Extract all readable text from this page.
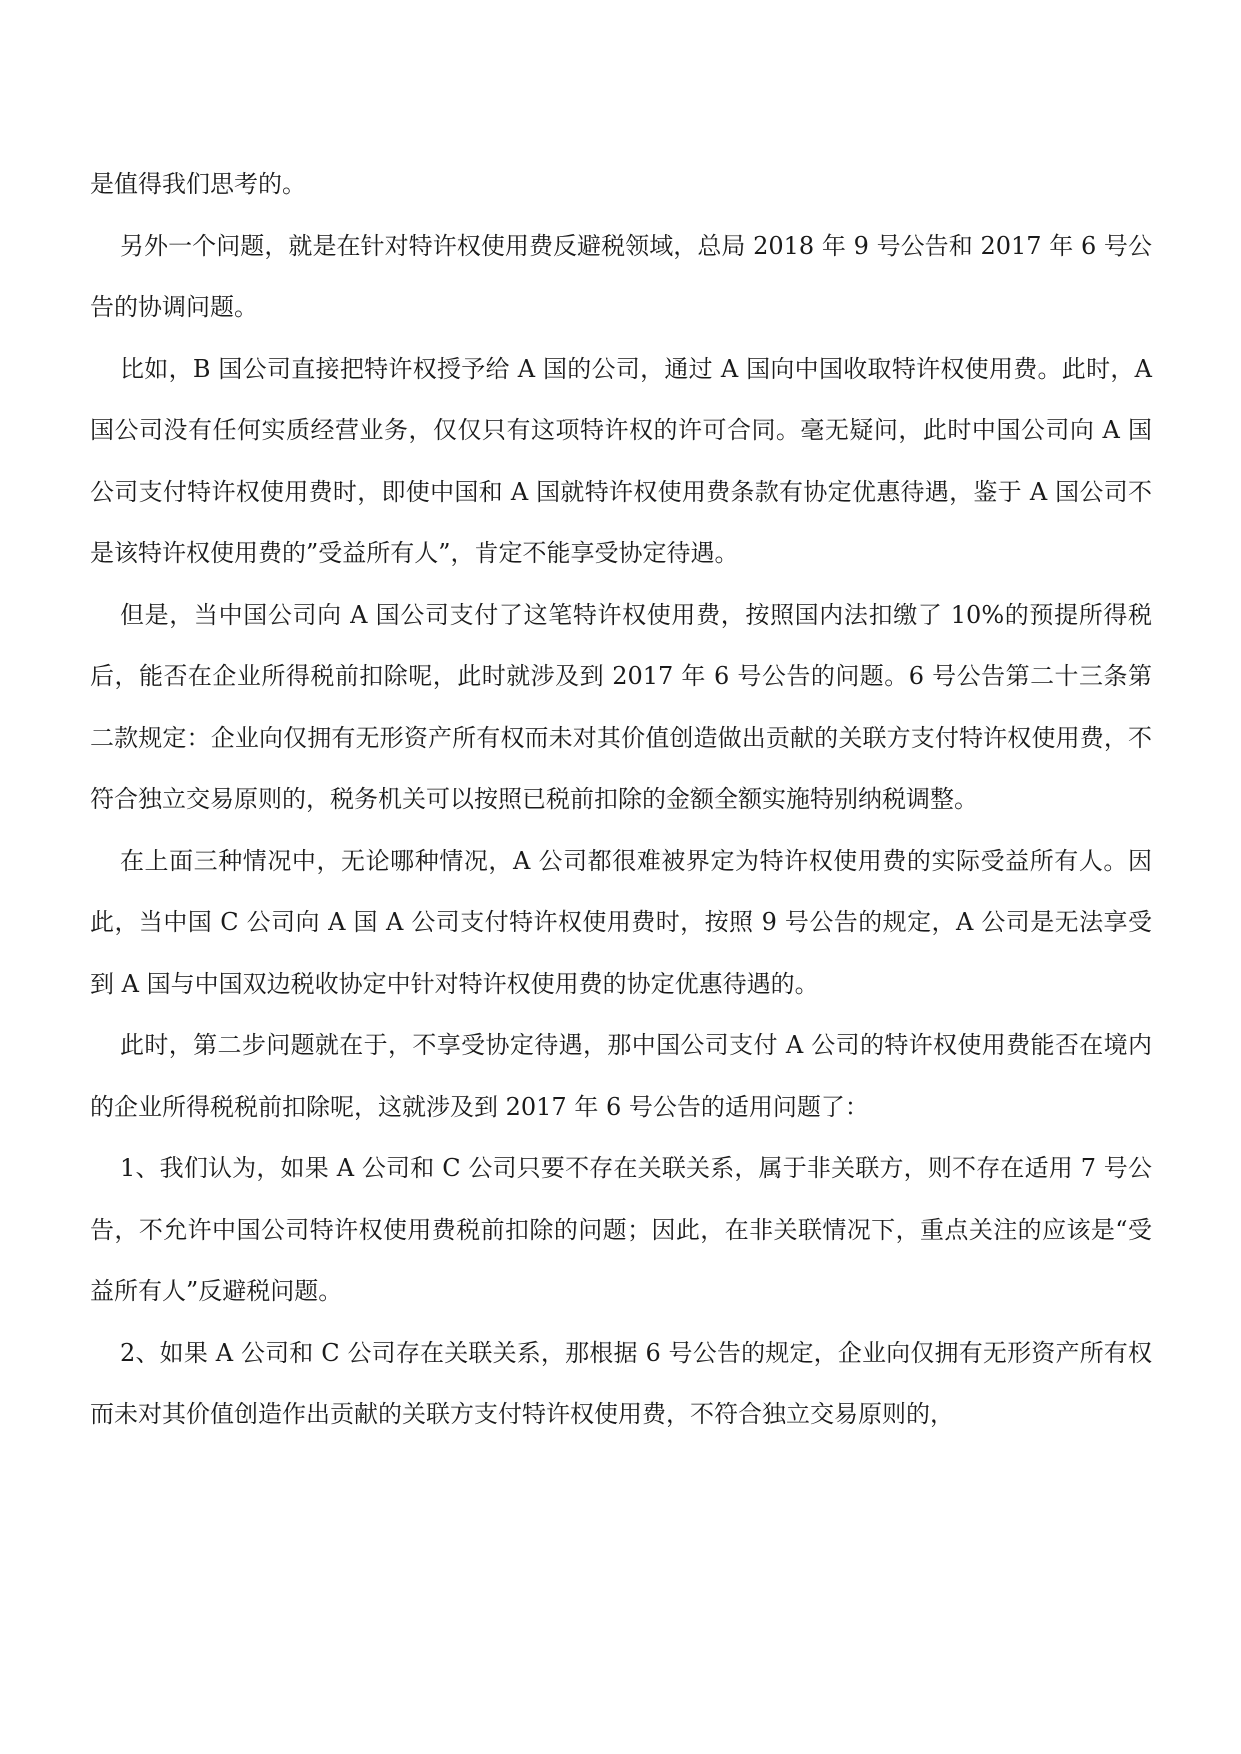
是值得我们思考的。

另外一个问题，就是在针对特许权使用费反避税领域，总局 2018 年 9 号公告和 2017 年 6 号公告的协调问题。

比如，B 国公司直接把特许权授予给 A 国的公司，通过 A 国向中国收取特许权使用费。此时，A 国公司没有任何实质经营业务，仅仅只有这项特许权的许可合同。毫无疑问，此时中国公司向 A 国公司支付特许权使用费时，即使中国和 A 国就特许权使用费条款有协定优惠待遇，鉴于 A 国公司不是该特许权使用费的”受益所有人”，肯定不能享受协定待遇。

但是，当中国公司向 A 国公司支付了这笔特许权使用费，按照国内法扣缴了 10%的预提所得税后，能否在企业所得税前扣除呢，此时就涉及到 2017 年 6 号公告的问题。6 号公告第二十三条第二款规定：企业向仅拥有无形资产所有权而未对其价值创造做出贡献的关联方支付特许权使用费，不符合独立交易原则的，税务机关可以按照已税前扣除的金额全额实施特别纳税调整。

在上面三种情况中，无论哪种情况，A 公司都很难被界定为特许权使用费的实际受益所有人。因此，当中国 C 公司向 A 国 A 公司支付特许权使用费时，按照 9 号公告的规定，A 公司是无法享受到 A 国与中国双边税收协定中针对特许权使用费的协定优惠待遇的。

此时，第二步问题就在于，不享受协定待遇，那中国公司支付 A 公司的特许权使用费能否在境内的企业所得税税前扣除呢，这就涉及到 2017 年 6 号公告的适用问题了：

1、我们认为，如果 A 公司和 C 公司只要不存在关联关系，属于非关联方，则不存在适用 7 号公告，不允许中国公司特许权使用费税前扣除的问题；因此，在非关联情况下，重点关注的应该是“受益所有人”反避税问题。

2、如果 A 公司和 C 公司存在关联关系，那根据 6 号公告的规定，企业向仅拥有无形资产所有权而未对其价值创造作出贡献的关联方支付特许权使用费，不符合独立交易原则的，
